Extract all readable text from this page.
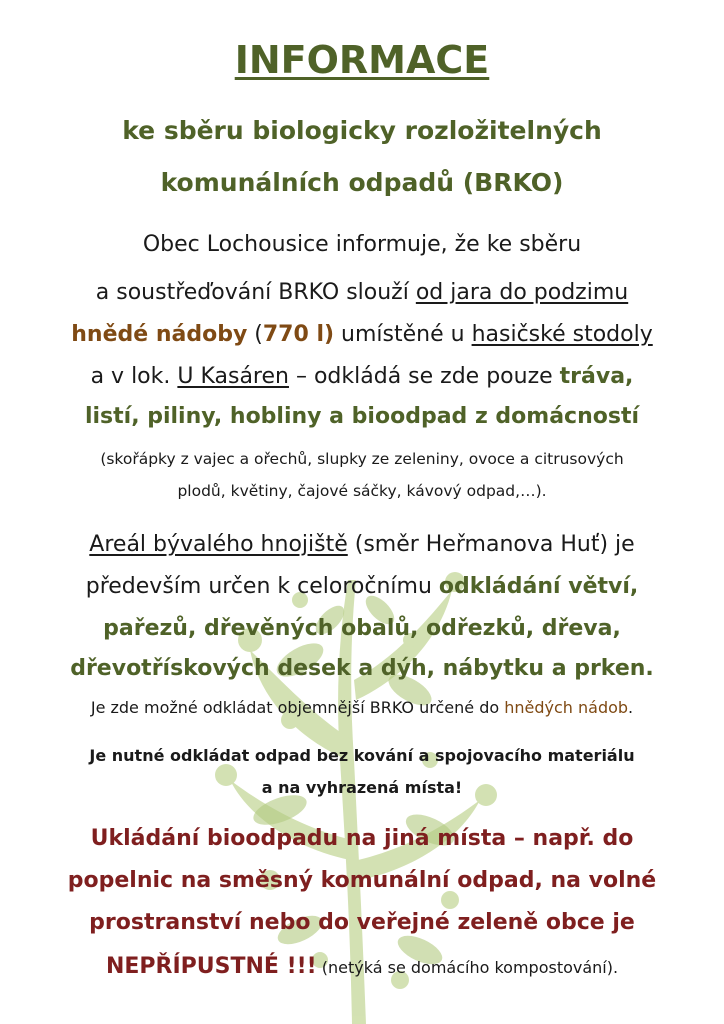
INFORMACE
ke sběru biologicky rozložitelných
komunálních odpadů (BRKO)
Obec Lochousice informuje, že ke sběru
a soustřeďování BRKO slouží od jara do podzimu
hnědé nádoby (770 l) umístěné u hasičské stodoly
a v lok. U Kasáren – odkládá se zde pouze tráva,
listí, piliny, hobliny a bioodpad z domácností
(skořápky z vajec a ořechů, slupky ze zeleniny, ovoce a citrusových
plodů, květiny, čajové sáčky, kávový odpad,…).
Areál bývalého hnojiště (směr Heřmanova Huť) je
především určen k celoročnímu odkládání větví,
pařezů, dřevěných obalů, odřezků, dřeva,
dřevotřískových desek a dýh, nábytku a prken.
Je zde možné odkládat objemnější BRKO určené do hnědých nádob.
Je nutné odkládat odpad bez kování a spojovacího materiálu
a na vyhrazená místa!
Ukládání bioodpadu na jiná místa – např. do
popelnic na směsný komunální odpad, na volné
prostranství nebo do veřejné zeleně obce je
NEPŘÍPUSTNÉ !!! (netýká se domácího kompostování).
